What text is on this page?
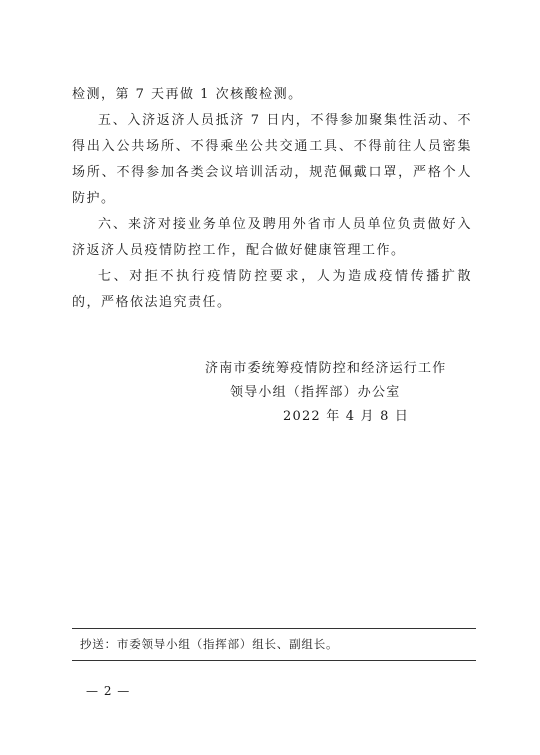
检测，第 7 天再做 1 次核酸检测。

五、入济返济人员抵济 7 日内，不得参加聚集性活动、不得出入公共场所、不得乘坐公共交通工具、不得前往人员密集场所、不得参加各类会议培训活动，规范佩戴口罩，严格个人防护。

六、来济对接业务单位及聘用外省市人员单位负责做好入济返济人员疫情防控工作，配合做好健康管理工作。

七、对拒不执行疫情防控要求，人为造成疫情传播扩散的，严格依法追究责任。

济南市委统筹疫情防控和经济运行工作
领导小组（指挥部）办公室
2022 年 4 月 8 日
抄送：市委领导小组（指挥部）组长、副组长。
— 2 —
